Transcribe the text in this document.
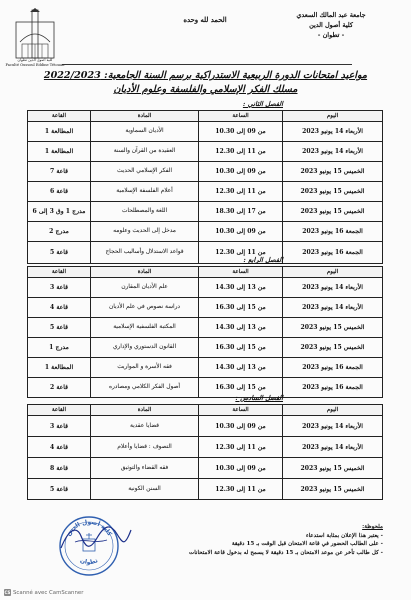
جامعة عبد المالك السعدي
كلية أصول الدين
- تطوان -
الحمد لله وحده
كلية أصول الدين تطوان
Faculté Oussoul Eddine Tétouan
مواعيد امتحانات الدورة الربيعية الاستدراكية برسم السنة الجامعية: 2022/2023
مسلك الفكر الإسلامي والفلسفة وعلوم الأديان
الفصل الثاني :
اليوم	الساعة	المادة	القاعة
الأربعاء 14 يونيو 2023	من 09 إلى 10.30	الأديان السماوية	المطالعة 1
الأربعاء 14 يونيو 2023	من 11 إلى 12.30	العقيدة من القرآن والسنة	المطالعة 1
الخميس 15 يونيو 2023	من 09 إلى 10.30	الفكر الإسلامي الحديث	قاعة 7
الخميس 15 يونيو 2023	من 11 إلى 12.30	أعلام الفلسفة الإسلامية	قاعة 6
الخميس 15 يونيو 2023	من 17 إلى 18.30	اللغة والمصطلحات	مدرج 1 وق 3 إلى 6
الجمعة 16 يونيو 2023	من 09 إلى 10.30	مدخل إلى الحديث وعلومه	مدرج 2
الجمعة 16 يونيو 2023	من 11 إلى 12.30	قواعد الاستدلال وأساليب الحجاج	قاعة 5
الفصل الرابع :
اليوم	الساعة	المادة	القاعة
الأربعاء 14 يونيو 2023	من 13 إلى 14.30	علم الأديان المقارن	قاعة 3
الأربعاء 14 يونيو 2023	من 15 إلى 16.30	دراسة نصوص في علم الأديان	قاعة 4
الخميس 15 يونيو 2023	من 13 إلى 14.30	المكتبة الفلسفية الإسلامية	قاعة 5
الخميس 15 يونيو 2023	من 15 إلى 16.30	القانون الدستوري والإداري	مدرج 1
الجمعة 16 يونيو 2023	من 13 إلى 14.30	فقه الأسرة و المواريث	المطالعة 1
الجمعة 16 يونيو 2023	من 15 إلى 16.30	أصول الفكر الكلامي ومصادره	قاعة 2
الفصل السادس :
اليوم	الساعة	المادة	القاعة
الأربعاء 14 يونيو 2023	من 09 إلى 10.30	قضايا عقدية	قاعة 3
الأربعاء 14 يونيو 2023	من 11 إلى 12.30	التصوف : قضايا وأعلام	قاعة 4
الخميس 15 يونيو 2023	من 09 إلى 10.30	فقه القضاء والتوثيق	قاعة 8
الخميس 15 يونيو 2023	من 11 إلى 12.30	السنن الكونية	قاعة 5
ملحوظة:
- يعتبر هذا الإعلان بمثابة استدعاء
- على الطالب الحضور في قاعة الامتحان قبل الوقت بـ 15 دقيقة
- كل طالب تأخر عن موعد الامتحان بـ 15 دقيقة لا يسمح له بدخول قاعة الامتحانات
كلية أصول الدين
تطوان
CS Scanné avec CamScanner
